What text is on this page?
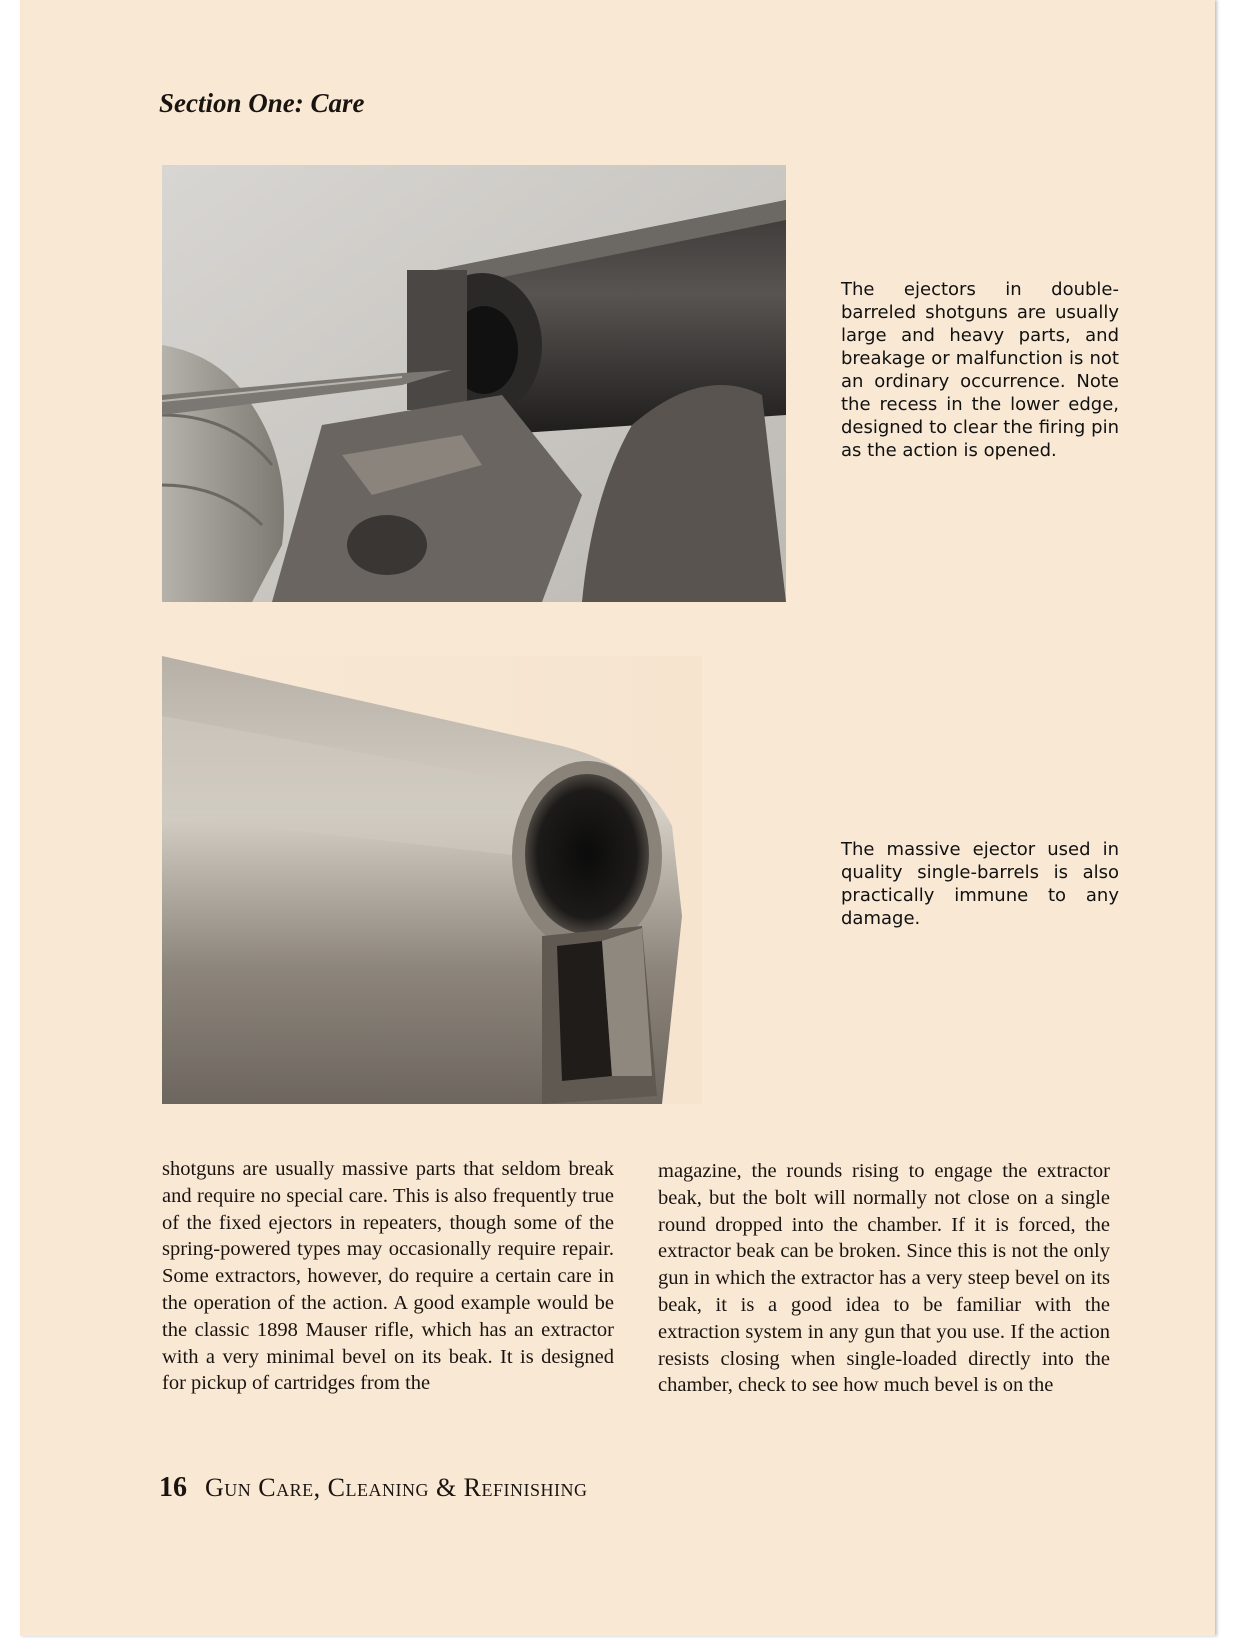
Section One: Care
The ejectors in double-barreled shotguns are usually large and heavy parts, and breakage or malfunction is not an ordinary occurrence. Note the recess in the lower edge, designed to clear the firing pin as the action is opened.
The massive ejector used in quality single-barrels is also practically immune to any damage.
shotguns are usually massive parts that seldom break and require no special care. This is also frequently true of the fixed ejectors in repeaters, though some of the spring-powered types may occasionally require repair. Some extractors, however, do require a certain care in the operation of the action. A good example would be the classic 1898 Mauser rifle, which has an extractor with a very minimal bevel on its beak. It is designed for pickup of cartridges from the
magazine, the rounds rising to engage the extractor beak, but the bolt will normally not close on a single round dropped into the chamber. If it is forced, the extractor beak can be broken. Since this is not the only gun in which the extractor has a very steep bevel on its beak, it is a good idea to be familiar with the extraction system in any gun that you use. If the action resists closing when single-loaded directly into the chamber, check to see how much bevel is on the
16 Gun Care, Cleaning & Refinishing
